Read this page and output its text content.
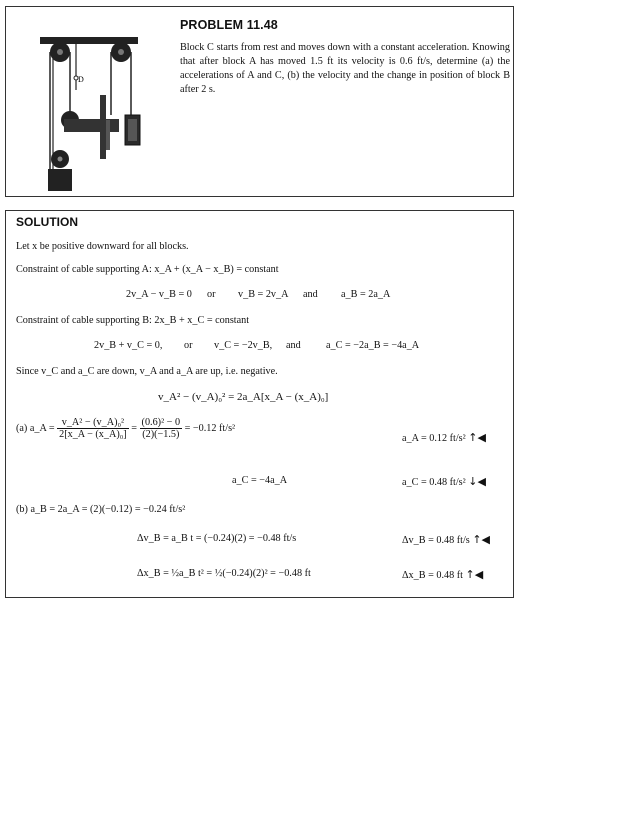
D
PROBLEM 11.48
Block C starts from rest and moves down with a constant acceleration. Knowing that after block A has moved 1.5 ft its velocity is 0.6 ft/s, determine (a) the accelerations of A and C, (b) the velocity and the change in position of block B after 2 s.
SOLUTION
Let x be positive downward for all blocks.
Constraint of cable supporting A: x_A + (x_A − x_B) = constant
2v_A − v_B = 0 or v_B = 2v_A and a_B = 2a_A
Constraint of cable supporting B: 2x_B + x_C = constant
2v_B + v_C = 0, or v_C = −2v_B, and a_C = −2a_B = −4a_A
Since v_C and a_C are down, v_A and a_A are up, i.e. negative.
v_A² − (v_A)₀² = 2a_A[x_A − (x_A)₀]
(a) a_A = $\frac{\text{v\_A² − (v\_A)₀²}}{\text{2[x\_A − (x\_A)₀]}} = \frac{\text{(0.6)² − 0}}{(2)(-1.5)} = -0.12$ ft/s²
a_A = 0.12 ft/s² ↑◀
a_C = −4a_A	a_C = 0.48 ft/s² ↓◀
(b) a_B = 2a_A = (2)(−0.12) = −0.24 ft/s²
Δv_B = a_B t = (−0.24)(2) = −0.48 ft/s	Δv_B = 0.48 ft/s ↑◀
Δx_B = ½a_B t² = ½(−0.24)(2)² = −0.48 ft	Δx_B = 0.48 ft ↑◀
